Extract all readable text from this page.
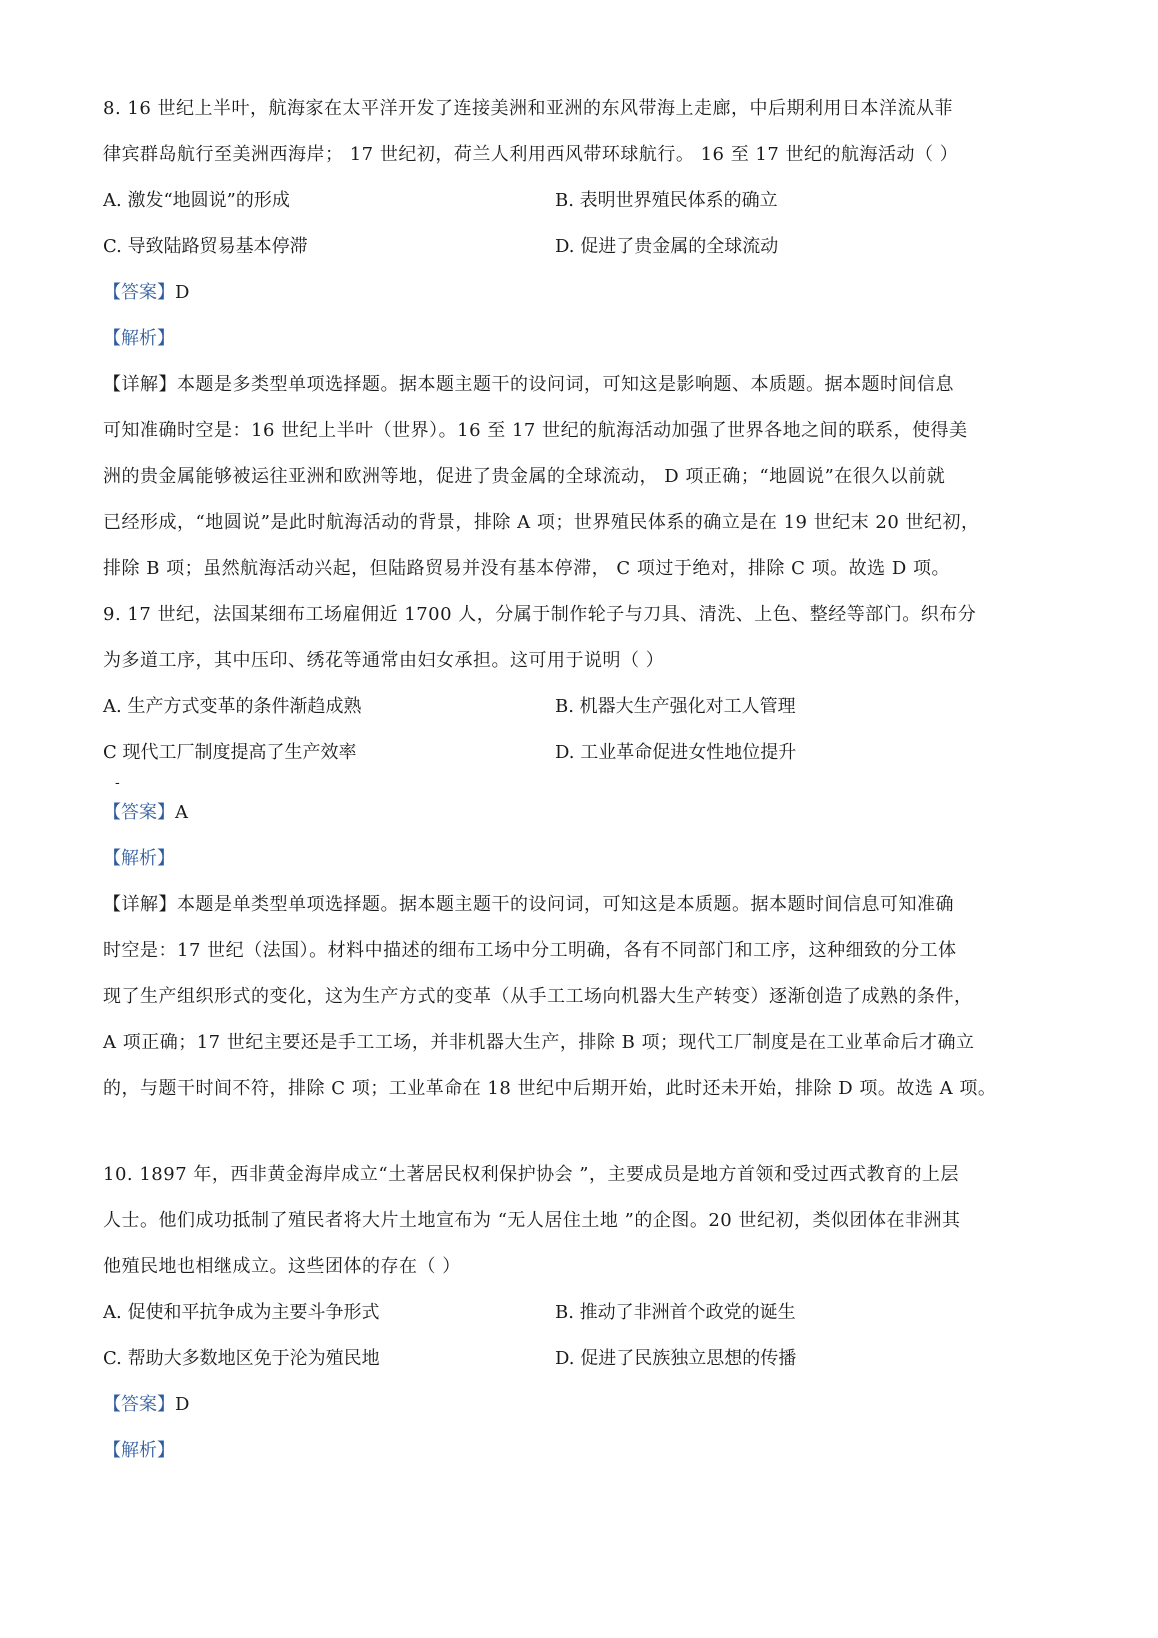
8. 16 世纪上半叶，航海家在太平洋开发了连接美洲和亚洲的东风带海上走廊，中后期利用日本洋流从菲
律宾群岛航行至美洲西海岸； 17 世纪初，荷兰人利用西风带环球航行。 16 至 17 世纪的航海活动（ ）
A. 激发“地圆说”的形成	B. 表明世界殖民体系的确立
C. 导致陆路贸易基本停滞	D. 促进了贵金属的全球流动
【答案】D
【解析】

【详解】本题是多类型单项选择题。据本题主题干的设问词，可知这是影响题、本质题。据本题时间信息

可知准确时空是：16 世纪上半叶（世界）。16 至 17 世纪的航海活动加强了世界各地之间的联系，使得美

洲的贵金属能够被运往亚洲和欧洲等地，促进了贵金属的全球流动， D 项正确；“地圆说”在很久以前就

已经形成，“地圆说”是此时航海活动的背景，排除 A 项；世界殖民体系的确立是在 19 世纪末 20 世纪初，

排除 B 项；虽然航海活动兴起，但陆路贸易并没有基本停滞， C 项过于绝对，排除 C 项。故选 D 项。

9. 17 世纪，法国某细布工场雇佣近 1700 人，分属于制作轮子与刀具、清洗、上色、整经等部门。织布分
为多道工序，其中压印、绣花等通常由妇女承担。这可用于说明（ ）
A. 生产方式变革的条件渐趋成熟	B. 机器大生产强化对工人管理
C 现代工厂制度提高了生产效率	D. 工业革命促进女性地位提升
-
【答案】A
【解析】

【详解】本题是单类型单项选择题。据本题主题干的设问词，可知这是本质题。据本题时间信息可知准确

时空是：17 世纪（法国）。材料中描述的细布工场中分工明确，各有不同部门和工序，这种细致的分工体

现了生产组织形式的变化，这为生产方式的变革（从手工工场向机器大生产转变）逐渐创造了成熟的条件，

A 项正确；17 世纪主要还是手工工场，并非机器大生产，排除 B 项；现代工厂制度是在工业革命后才确立

的，与题干时间不符，排除 C 项；工业革命在 18 世纪中后期开始，此时还未开始，排除 D 项。故选 A 项。

10. 1897 年，西非黄金海岸成立“土著居民权利保护协会 ”，主要成员是地方首领和受过西式教育的上层
人士。他们成功抵制了殖民者将大片土地宣布为 “无人居住土地 ”的企图。20 世纪初，类似团体在非洲其
他殖民地也相继成立。这些团体的存在（ ）
A. 促使和平抗争成为主要斗争形式	B. 推动了非洲首个政党的诞生
C. 帮助大多数地区免于沦为殖民地	D. 促进了民族独立思想的传播
【答案】D
【解析】
